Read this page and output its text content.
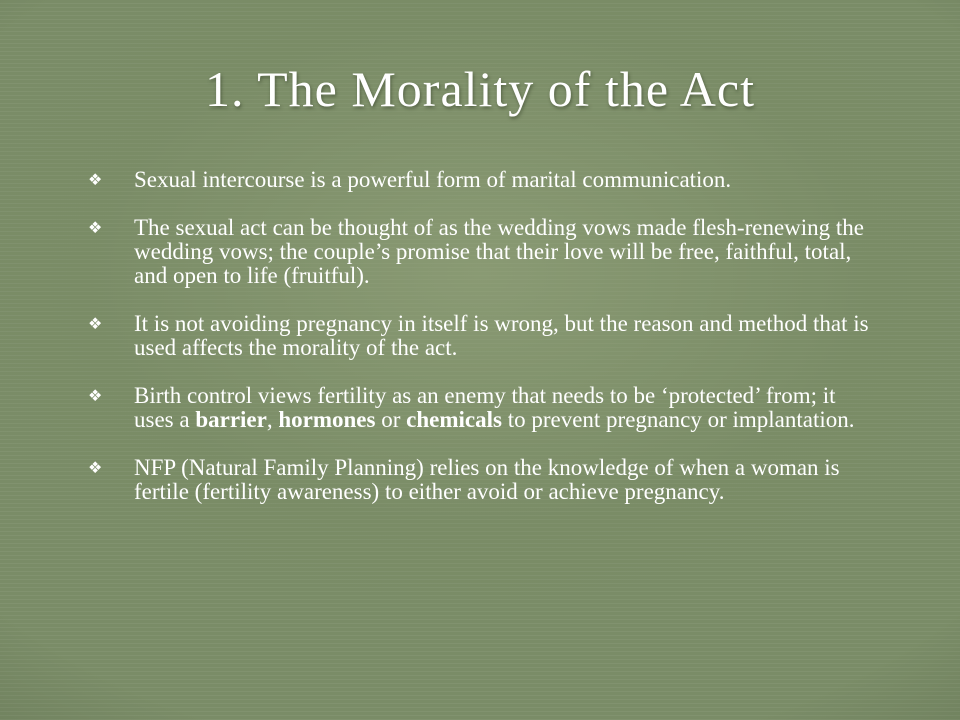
1. The Morality of the Act
❖	Sexual intercourse is a powerful form of marital communication.
❖	The sexual act can be thought of as the wedding vows made flesh-renewing the wedding vows; the couple’s promise that their love will be free, faithful, total, and open to life (fruitful).
❖	It is not avoiding pregnancy in itself is wrong, but the reason and method that is used affects the morality of the act.
❖	Birth control views fertility as an enemy that needs to be ‘protected’ from; it uses a barrier, hormones or chemicals to prevent pregnancy or implantation.
❖	NFP (Natural Family Planning) relies on the knowledge of when a woman is fertile (fertility awareness) to either avoid or achieve pregnancy.
